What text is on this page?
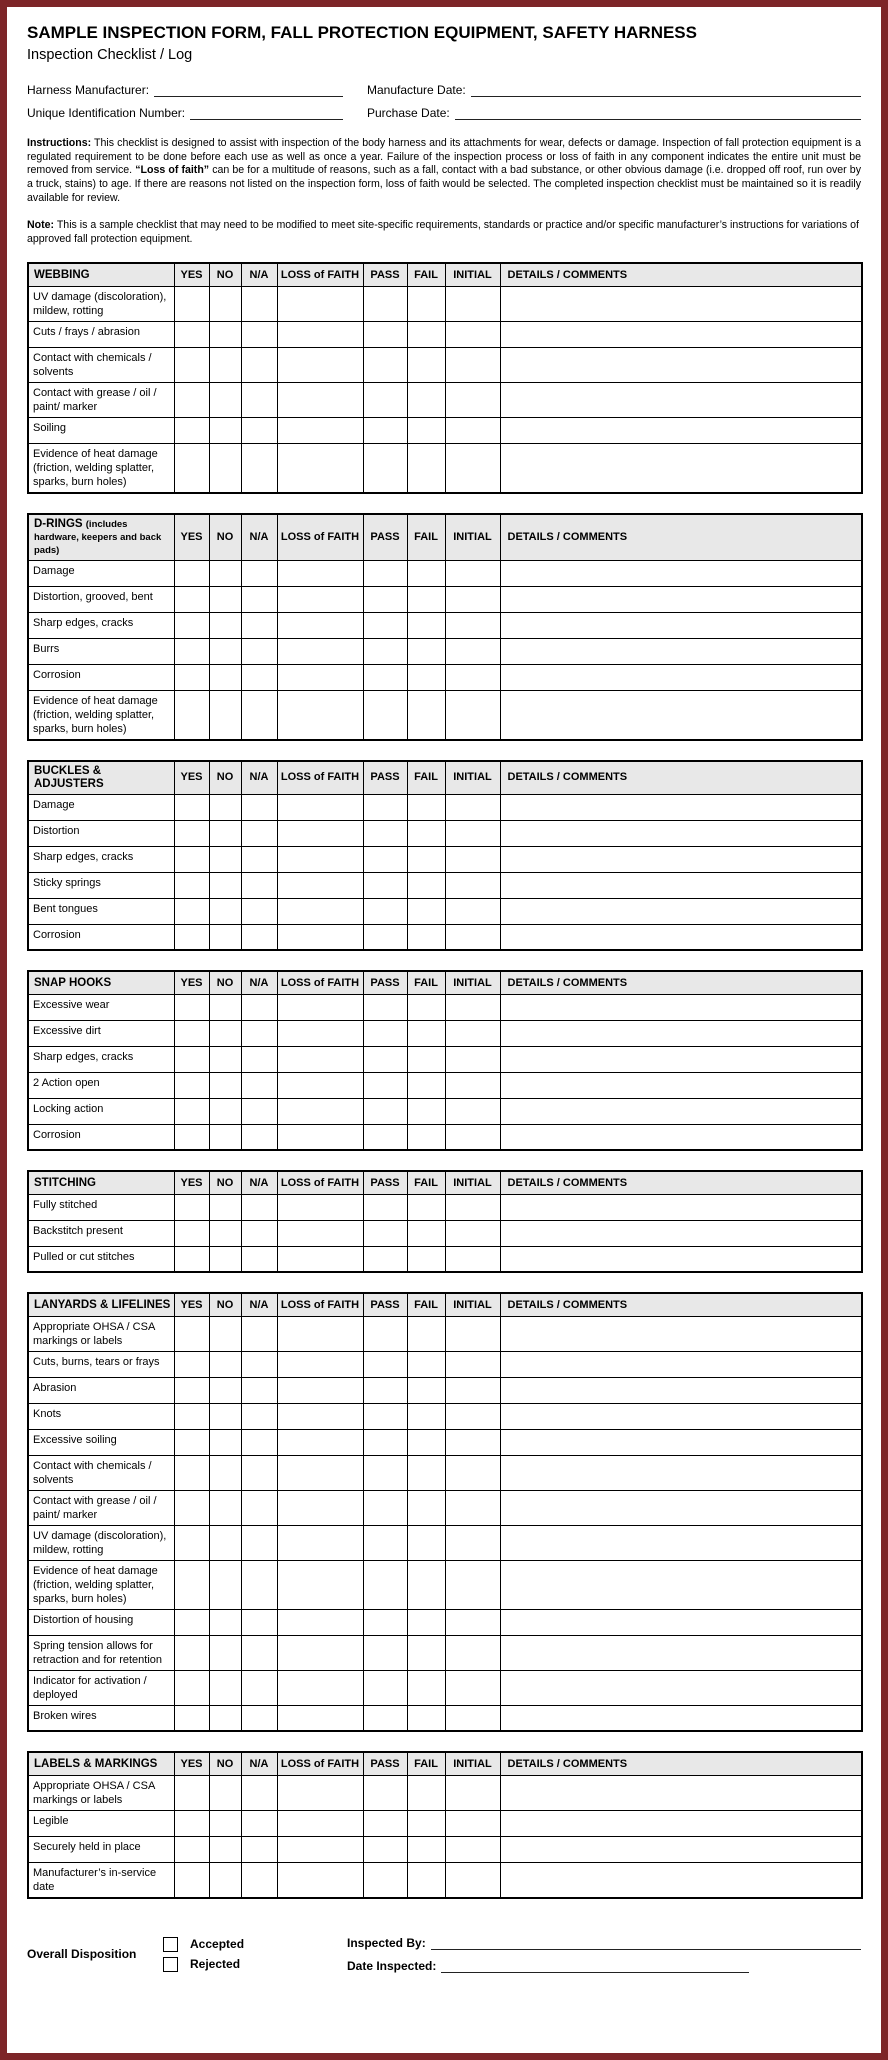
SAMPLE INSPECTION FORM, FALL PROTECTION EQUIPMENT, SAFETY HARNESS
Inspection Checklist / Log
Harness Manufacturer:	Manufacture Date:
Unique Identification Number:	Purchase Date:
Instructions: This checklist is designed to assist with inspection of the body harness and its attachments for wear, defects or damage. Inspection of fall protection equipment is a regulated requirement to be done before each use as well as once a year. Failure of the inspection process or loss of faith in any component indicates the entire unit must be removed from service. “Loss of faith” can be for a multitude of reasons, such as a fall, contact with a bad substance, or other obvious damage (i.e. dropped off roof, run over by a truck, stains) to age. If there are reasons not listed on the inspection form, loss of faith would be selected. The completed inspection checklist must be maintained so it is readily available for review.
Note: This is a sample checklist that may need to be modified to meet site-specific requirements, standards or practice and/or specific manufacturer’s instructions for variations of approved fall protection equipment.
WEBBING	YES	NO	N/A	LOSS of FAITH	PASS	FAIL	INITIAL	DETAILS / COMMENTS
UV damage (discoloration), mildew, rotting								
Cuts / frays / abrasion								
Contact with chemicals / solvents								
Contact with grease / oil / paint/ marker								
Soiling								
Evidence of heat damage (friction, welding splatter, sparks, burn holes)								
D-RINGS (includes hardware, keepers and back pads)	YES	NO	N/A	LOSS of FAITH	PASS	FAIL	INITIAL	DETAILS / COMMENTS
Damage								
Distortion, grooved, bent								
Sharp edges, cracks								
Burrs								
Corrosion								
Evidence of heat damage (friction, welding splatter, sparks, burn holes)								
BUCKLES & ADJUSTERS	YES	NO	N/A	LOSS of FAITH	PASS	FAIL	INITIAL	DETAILS / COMMENTS
Damage								
Distortion								
Sharp edges, cracks								
Sticky springs								
Bent tongues								
Corrosion								
SNAP HOOKS	YES	NO	N/A	LOSS of FAITH	PASS	FAIL	INITIAL	DETAILS / COMMENTS
Excessive wear								
Excessive dirt								
Sharp edges, cracks								
2 Action open								
Locking action								
Corrosion								
STITCHING	YES	NO	N/A	LOSS of FAITH	PASS	FAIL	INITIAL	DETAILS / COMMENTS
Fully stitched								
Backstitch present								
Pulled or cut stitches								
LANYARDS & LIFELINES	YES	NO	N/A	LOSS of FAITH	PASS	FAIL	INITIAL	DETAILS / COMMENTS
Appropriate OHSA / CSA markings or labels								
Cuts, burns, tears or frays								
Abrasion								
Knots								
Excessive soiling								
Contact with chemicals / solvents								
Contact with grease / oil / paint/ marker								
UV damage (discoloration), mildew, rotting								
Evidence of heat damage (friction, welding splatter, sparks, burn holes)								
Distortion of housing								
Spring tension allows for retraction and for retention								
Indicator for activation / deployed								
Broken wires								
LABELS & MARKINGS	YES	NO	N/A	LOSS of FAITH	PASS	FAIL	INITIAL	DETAILS / COMMENTS
Appropriate OHSA / CSA markings or labels								
Legible								
Securely held in place								
Manufacturer’s in-service date								
Overall Disposition
Accepted
Rejected
Inspected By:
Date Inspected:
